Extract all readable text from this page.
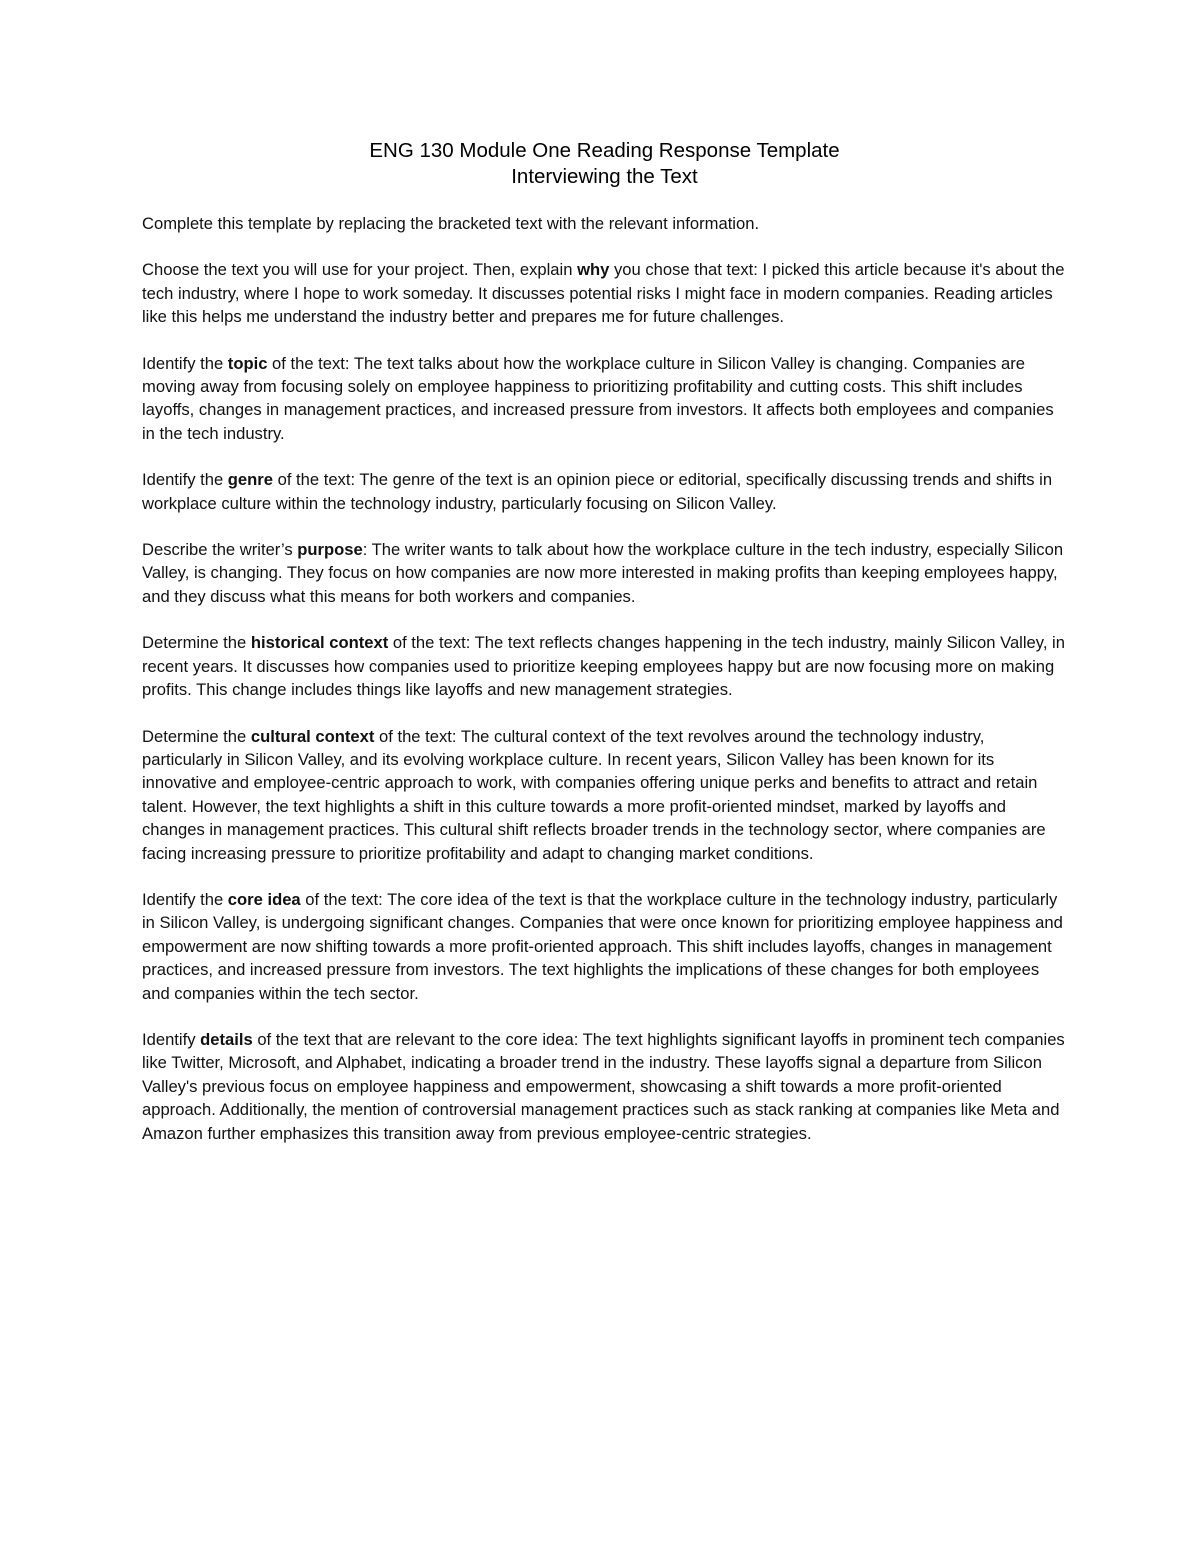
ENG 130 Module One Reading Response Template
Interviewing the Text

Complete this template by replacing the bracketed text with the relevant information.

Choose the text you will use for your project. Then, explain why you chose that text: I picked this article because it's about the tech industry, where I hope to work someday. It discusses potential risks I might face in modern companies. Reading articles like this helps me understand the industry better and prepares me for future challenges.

Identify the topic of the text: The text talks about how the workplace culture in Silicon Valley is changing. Companies are moving away from focusing solely on employee happiness to prioritizing profitability and cutting costs. This shift includes layoffs, changes in management practices, and increased pressure from investors. It affects both employees and companies in the tech industry.

Identify the genre of the text: The genre of the text is an opinion piece or editorial, specifically discussing trends and shifts in workplace culture within the technology industry, particularly focusing on Silicon Valley.

Describe the writer’s purpose: The writer wants to talk about how the workplace culture in the tech industry, especially Silicon Valley, is changing. They focus on how companies are now more interested in making profits than keeping employees happy, and they discuss what this means for both workers and companies.

Determine the historical context of the text: The text reflects changes happening in the tech industry, mainly Silicon Valley, in recent years. It discusses how companies used to prioritize keeping employees happy but are now focusing more on making profits. This change includes things like layoffs and new management strategies.

Determine the cultural context of the text: The cultural context of the text revolves around the technology industry, particularly in Silicon Valley, and its evolving workplace culture. In recent years, Silicon Valley has been known for its innovative and employee-centric approach to work, with companies offering unique perks and benefits to attract and retain talent. However, the text highlights a shift in this culture towards a more profit-oriented mindset, marked by layoffs and changes in management practices. This cultural shift reflects broader trends in the technology sector, where companies are facing increasing pressure to prioritize profitability and adapt to changing market conditions.

Identify the core idea of the text: The core idea of the text is that the workplace culture in the technology industry, particularly in Silicon Valley, is undergoing significant changes. Companies that were once known for prioritizing employee happiness and empowerment are now shifting towards a more profit-oriented approach. This shift includes layoffs, changes in management practices, and increased pressure from investors. The text highlights the implications of these changes for both employees and companies within the tech sector.

Identify details of the text that are relevant to the core idea: The text highlights significant layoffs in prominent tech companies like Twitter, Microsoft, and Alphabet, indicating a broader trend in the industry. These layoffs signal a departure from Silicon Valley's previous focus on employee happiness and empowerment, showcasing a shift towards a more profit-oriented approach. Additionally, the mention of controversial management practices such as stack ranking at companies like Meta and Amazon further emphasizes this transition away from previous employee-centric strategies.
